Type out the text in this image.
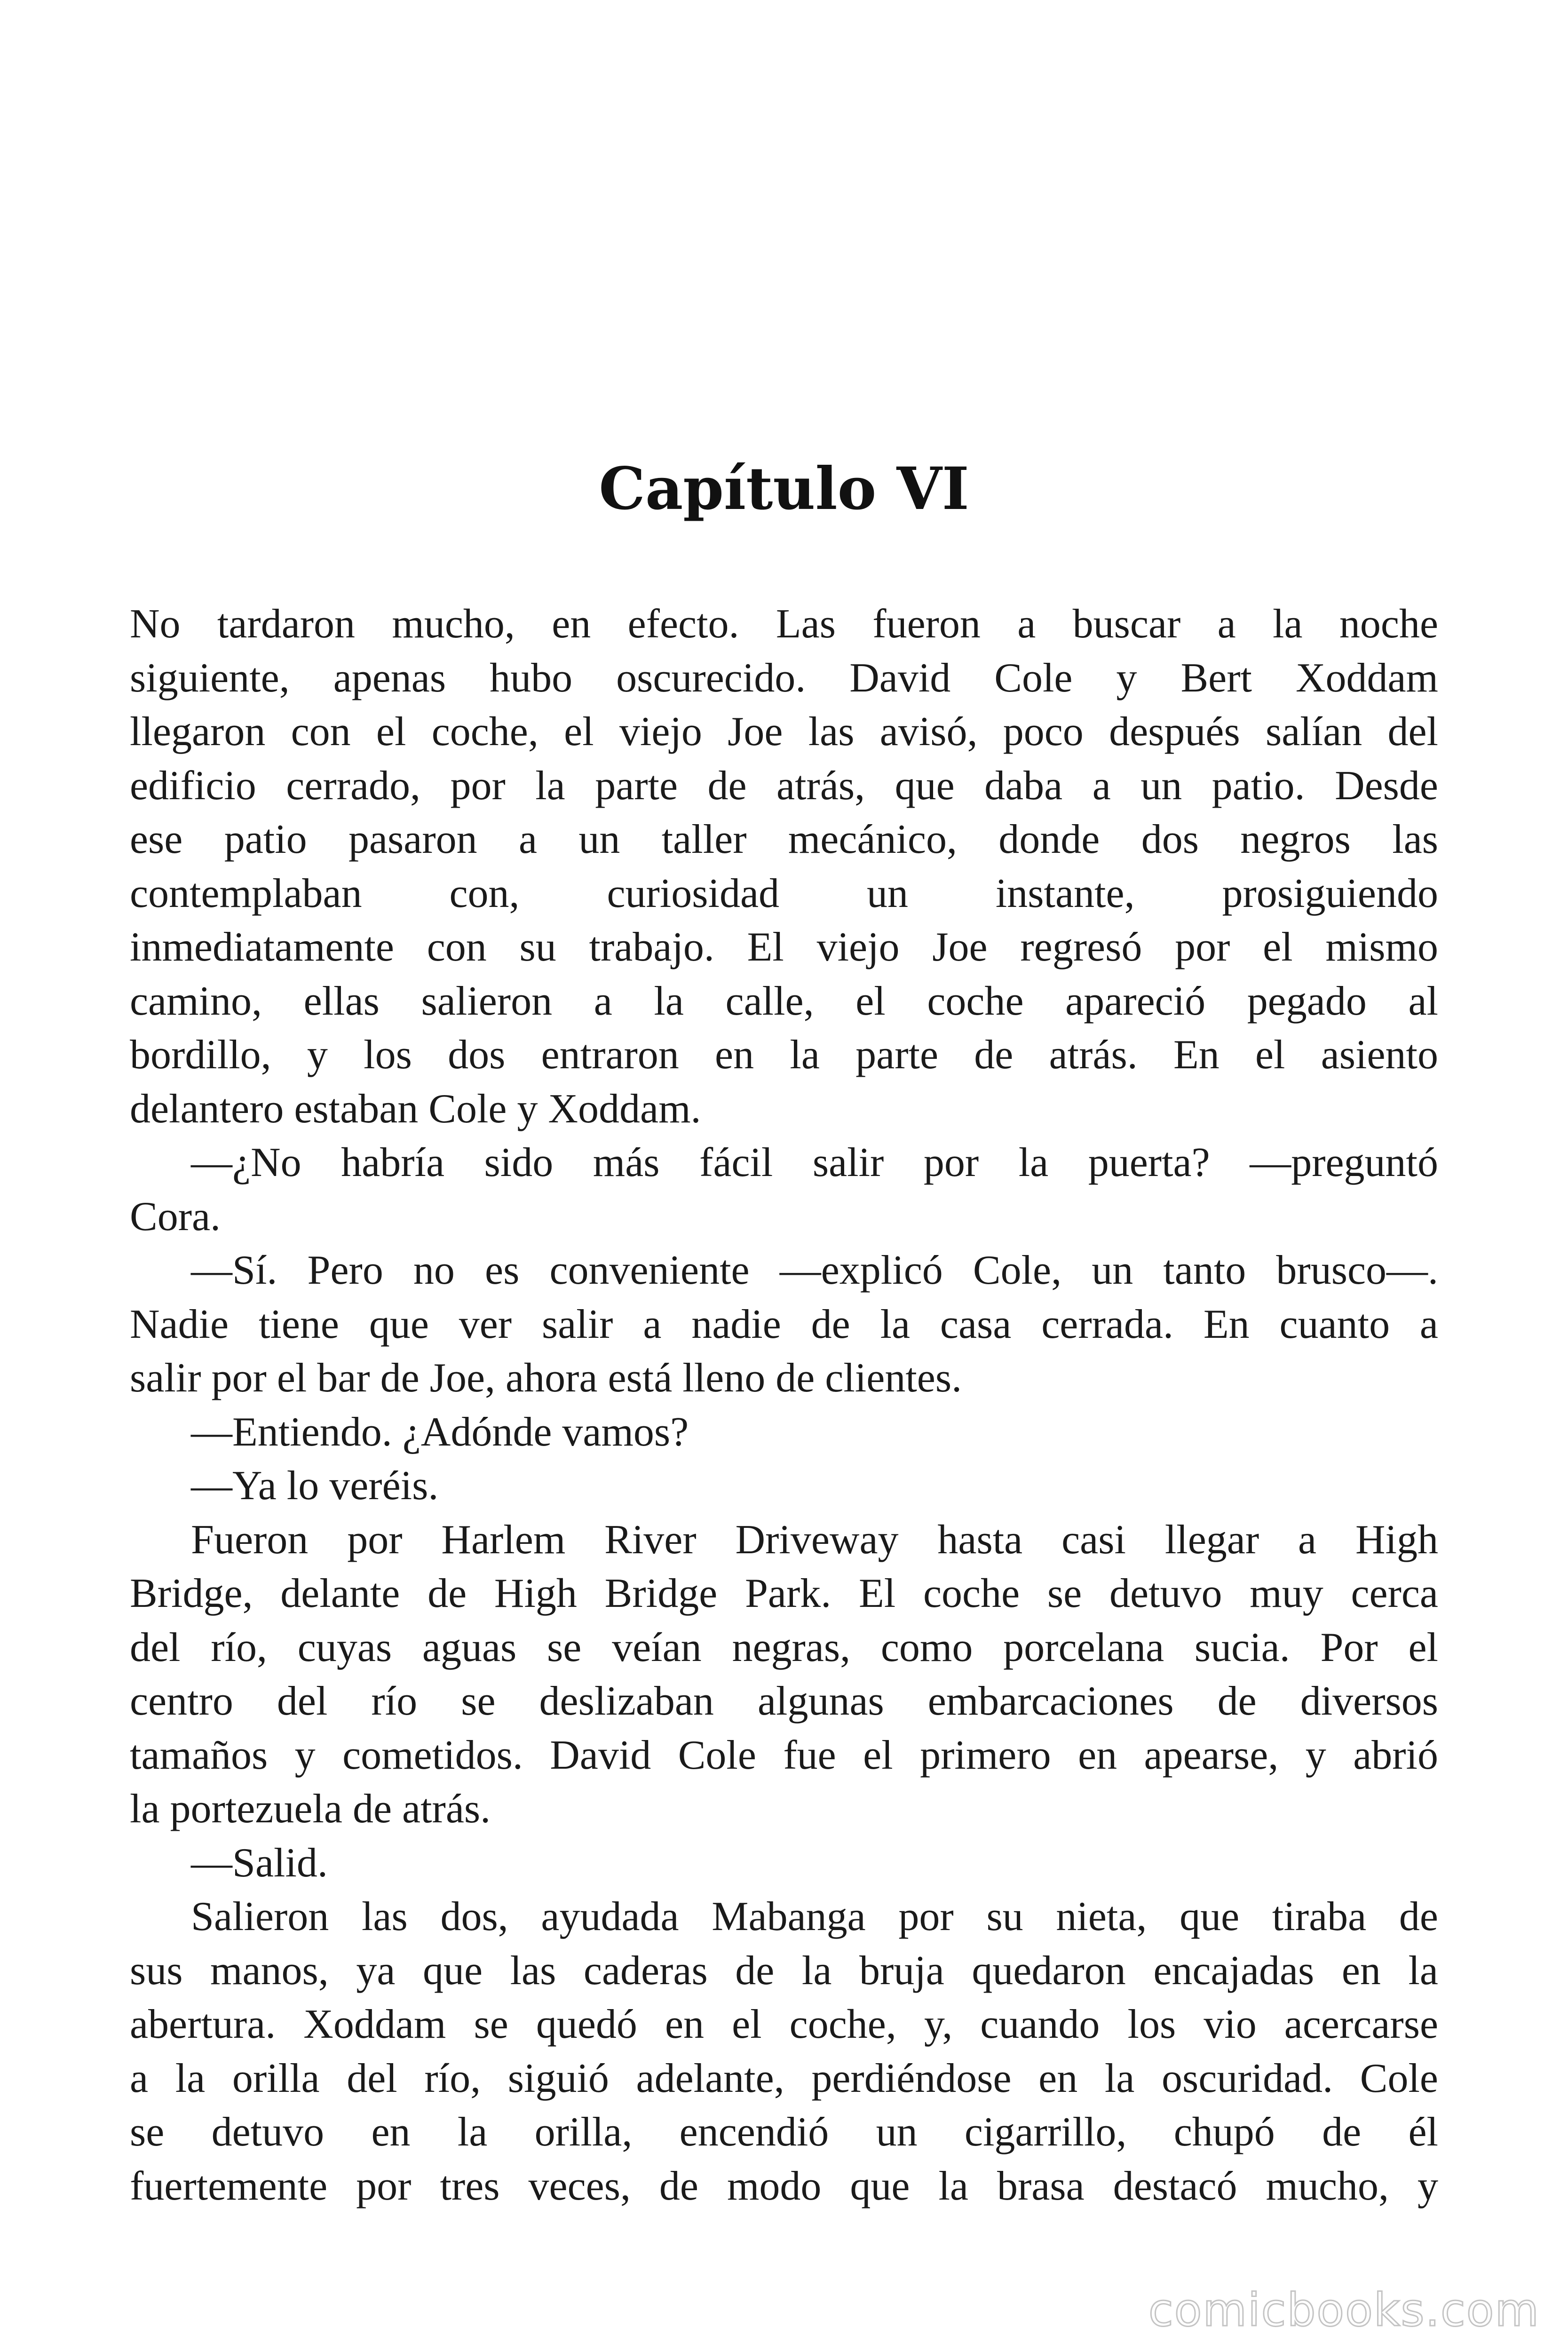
Capítulo VI
No tardaron mucho, en efecto. Las fueron a buscar a la noche
siguiente, apenas hubo oscurecido. David Cole y Bert Xoddam
llegaron con el coche, el viejo Joe las avisó, poco después salían del
edificio cerrado, por la parte de atrás, que daba a un patio. Desde
ese patio pasaron a un taller mecánico, donde dos negros las
contemplaban con, curiosidad un instante, prosiguiendo
inmediatamente con su trabajo. El viejo Joe regresó por el mismo
camino, ellas salieron a la calle, el coche apareció pegado al
bordillo, y los dos entraron en la parte de atrás. En el asiento
delantero estaban Cole y Xoddam.
—¿No habría sido más fácil salir por la puerta? —preguntó
Cora.
—Sí. Pero no es conveniente —explicó Cole, un tanto brusco—.
Nadie tiene que ver salir a nadie de la casa cerrada. En cuanto a
salir por el bar de Joe, ahora está lleno de clientes.
—Entiendo. ¿Adónde vamos?
—Ya lo veréis.
Fueron por Harlem River Driveway hasta casi llegar a High
Bridge, delante de High Bridge Park. El coche se detuvo muy cerca
del río, cuyas aguas se veían negras, como porcelana sucia. Por el
centro del río se deslizaban algunas embarcaciones de diversos
tamaños y cometidos. David Cole fue el primero en apearse, y abrió
la portezuela de atrás.
—Salid.
Salieron las dos, ayudada Mabanga por su nieta, que tiraba de
sus manos, ya que las caderas de la bruja quedaron encajadas en la
abertura. Xoddam se quedó en el coche, y, cuando los vio acercarse
a la orilla del río, siguió adelante, perdiéndose en la oscuridad. Cole
se detuvo en la orilla, encendió un cigarrillo, chupó de él
fuertemente por tres veces, de modo que la brasa destacó mucho, y
comicbooks.com
